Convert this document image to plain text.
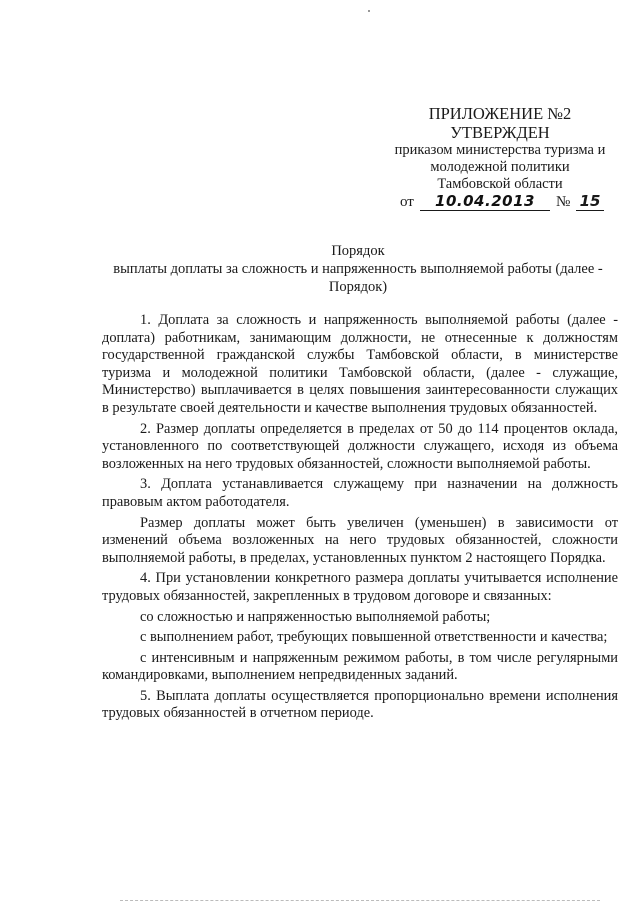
ПРИЛОЖЕНИЕ №2
УТВЕРЖДЕН
приказом министерства туризма и
молодежной политики
Тамбовской области
от	10.04.2013	№ 15
Порядок
выплаты доплаты за сложность и напряженность выполняемой работы (далее -
Порядок)

1. Доплата за сложность и напряженность выполняемой работы (далее - доплата) работникам, занимающим должности, не отнесенные к должностям государственной гражданской службы Тамбовской области, в министерстве туризма и молодежной политики Тамбовской области, (далее - служащие, Министерство) выплачивается в целях повышения заинтересованности служащих в результате своей деятельности и качестве выполнения трудовых обязанностей.

2. Размер доплаты определяется в пределах от 50 до 114 процентов оклада, установленного по соответствующей должности служащего, исходя из объема возложенных на него трудовых обязанностей, сложности выполняемой работы.

3. Доплата устанавливается служащему при назначении на должность правовым актом работодателя.

Размер доплаты может быть увеличен (уменьшен) в зависимости от изменений объема возложенных на него трудовых обязанностей, сложности выполняемой работы, в пределах, установленных пунктом 2 настоящего Порядка.

4. При установлении конкретного размера доплаты учитывается исполнение трудовых обязанностей, закрепленных в трудовом договоре и связанных:

со сложностью и напряженностью выполняемой работы;

с выполнением работ, требующих повышенной ответственности и качества;

с интенсивным и напряженным режимом работы, в том числе регулярными командировками, выполнением непредвиденных заданий.

5. Выплата доплаты осуществляется пропорционально времени исполнения трудовых обязанностей в отчетном периоде.
